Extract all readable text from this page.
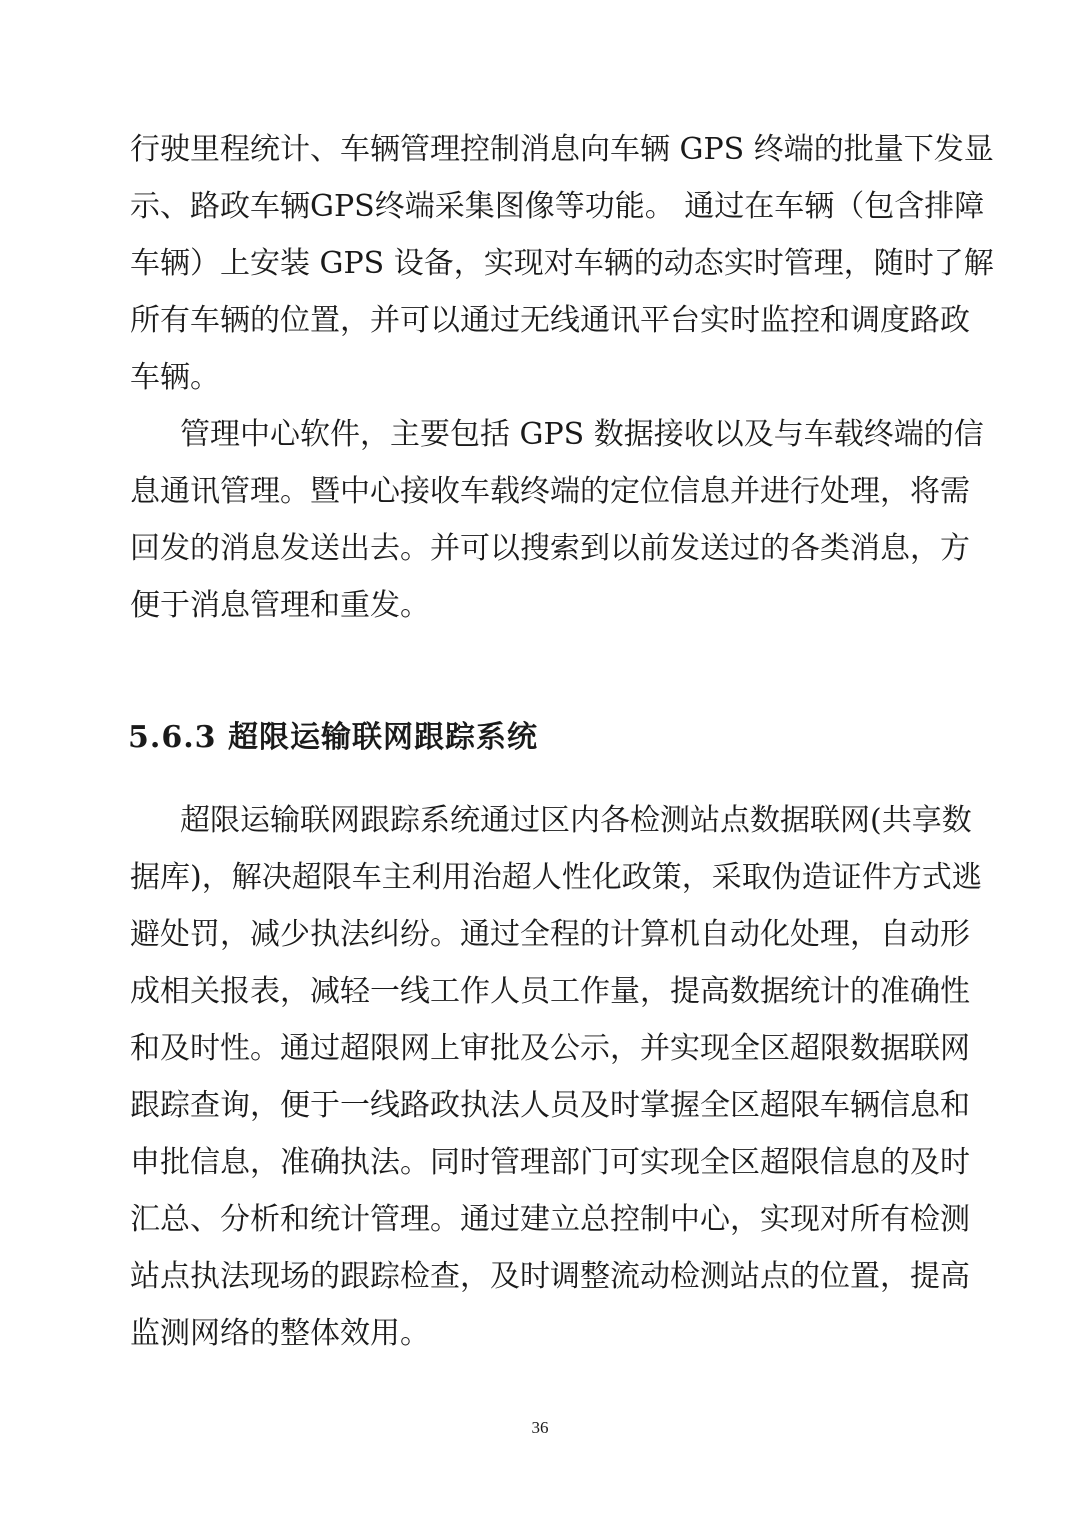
行驶里程统计、车辆管理控制消息向车辆 GPS 终端的批量下发显
示、路政车辆GPS终端采集图像等功能。 通过在车辆（包含排障
车辆）上安装 GPS 设备，实现对车辆的动态实时管理，随时了解
所有车辆的位置，并可以通过无线通讯平台实时监控和调度路政
车辆。
管理中心软件，主要包括 GPS 数据接收以及与车载终端的信
息通讯管理。暨中心接收车载终端的定位信息并进行处理，将需
回发的消息发送出去。并可以搜索到以前发送过的各类消息，方
便于消息管理和重发。
5.6.3 超限运输联网跟踪系统
超限运输联网跟踪系统通过区内各检测站点数据联网(共享数
据库)，解决超限车主利用治超人性化政策，采取伪造证件方式逃
避处罚，减少执法纠纷。通过全程的计算机自动化处理，自动形
成相关报表，减轻一线工作人员工作量，提高数据统计的准确性
和及时性。通过超限网上审批及公示，并实现全区超限数据联网
跟踪查询，便于一线路政执法人员及时掌握全区超限车辆信息和
申批信息，准确执法。同时管理部门可实现全区超限信息的及时
汇总、分析和统计管理。通过建立总控制中心，实现对所有检测
站点执法现场的跟踪检查，及时调整流动检测站点的位置，提高
监测网络的整体效用。
36
